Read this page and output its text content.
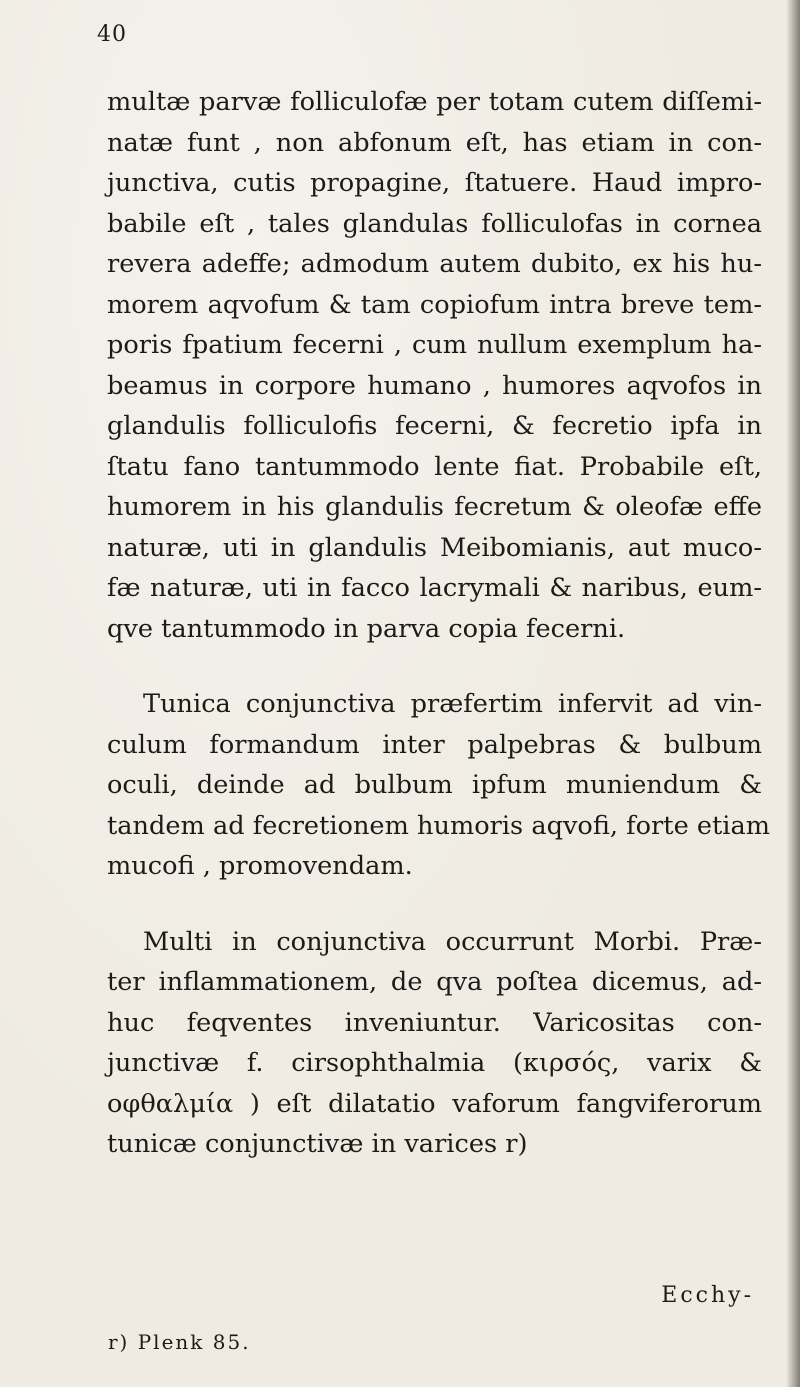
40
multæ parvæ folliculofæ per totam cutem diſſemi-
natæ funt , non abfonum eſt, has etiam in con-
junctiva, cutis propagine, ſtatuere. Haud impro-
babile eſt , tales glandulas folliculofas in cornea
revera adeffe; admodum autem dubito, ex his hu-
morem aqvofum & tam copiofum intra breve tem-
poris fpatium fecerni , cum nullum exemplum ha-
beamus in corpore humano , humores aqvofos in
glandulis folliculofis fecerni, & fecretio ipfa in
ſtatu fano tantummodo lente fiat. Probabile eſt,
humorem in his glandulis fecretum & oleofæ effe
naturæ, uti in glandulis Meibomianis, aut muco-
fæ naturæ, uti in facco lacrymali & naribus, eum-
qve tantummodo in parva copia fecerni.
Tunica conjunctiva præfertim infervit ad vin-
culum formandum inter palpebras & bulbum
oculi, deinde ad bulbum ipfum muniendum &
tandem ad fecretionem humoris aqvofi, forte etiam
mucofi , promovendam.
Multi in conjunctiva occurrunt Morbi. Præ-
ter inflammationem, de qva poſtea dicemus, ad-
huc feqventes inveniuntur. Varicositas con-
junctivæ f. cirsophthalmia (κιρσός, varix &
οφθαλμία ) eſt dilatatio vaforum fangviferorum
tunicæ conjunctivæ in varices r)
Ecchy-
r) Plenk 85.
